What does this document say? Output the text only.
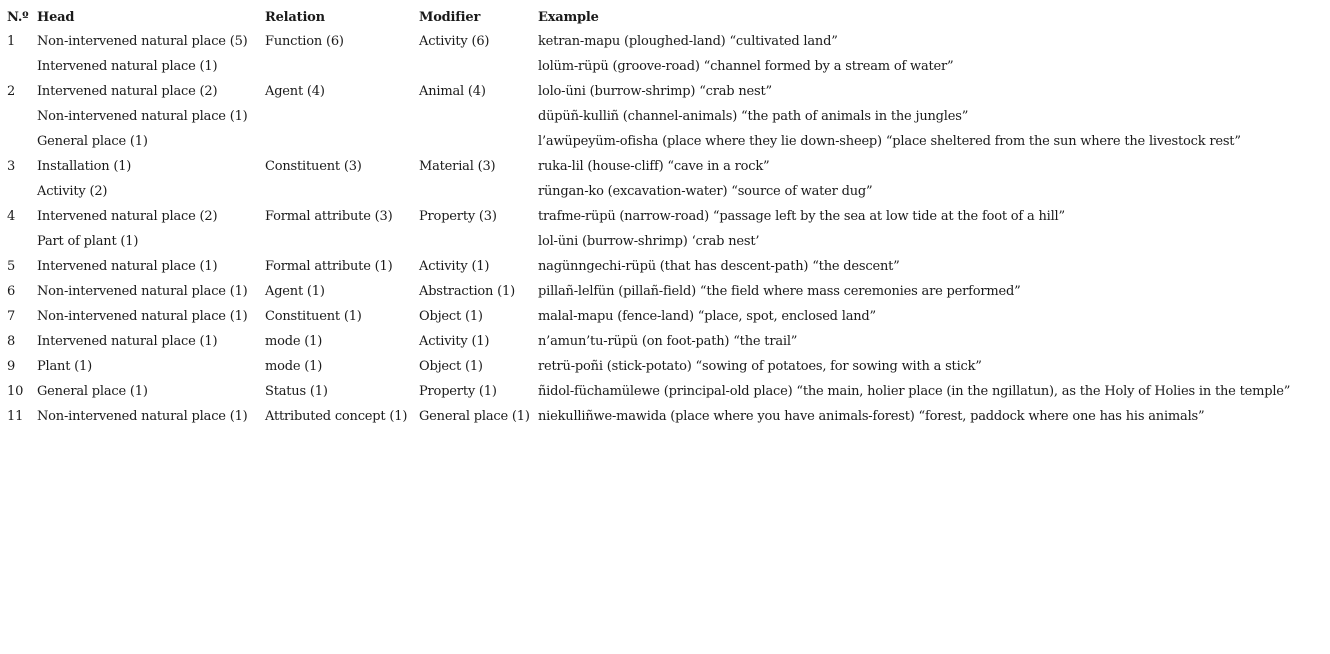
N.º	Head	Relation	Modifier	Example
1	Non-intervened natural place (5)	Function (6)	Activity (6)	ketran-mapu (ploughed-land) “cultivated land”
	Intervened natural place (1)			lolüm-rüpü (groove-road) “channel formed by a stream of water”
2	Intervened natural place (2)	Agent (4)	Animal (4)	lolo-üni (burrow-shrimp) “crab nest”
	Non-intervened natural place (1)			düpüñ-kulliñ (channel-animals) “the path of animals in the jungles”
	General place (1)			l’awüpeyüm-ofisha (place where they lie down-sheep) “place sheltered from the sun where the livestock rest”
3	Installation (1)	Constituent (3)	Material (3)	ruka-lil (house-cliff) “cave in a rock”
	Activity (2)			rüngan-ko (excavation-water) “source of water dug”
4	Intervened natural place (2)	Formal attribute (3)	Property (3)	trafme-rüpü (narrow-road) “passage left by the sea at low tide at the foot of a hill”
	Part of plant (1)			lol-üni (burrow-shrimp) ‘crab nest’
5	Intervened natural place (1)	Formal attribute (1)	Activity (1)	nagünngechi-rüpü (that has descent-path) “the descent”
6	Non-intervened natural place (1)	Agent (1)	Abstraction (1)	pillañ-lelfün (pillañ-field) “the field where mass ceremonies are performed”
7	Non-intervened natural place (1)	Constituent (1)	Object (1)	malal-mapu (fence-land) “place, spot, enclosed land”
8	Intervened natural place (1)	mode (1)	Activity (1)	n’amun’tu-rüpü (on foot-path) “the trail”
9	Plant (1)	mode (1)	Object (1)	retrü-poñi (stick-potato) “sowing of potatoes, for sowing with a stick”
10	General place (1)	Status (1)	Property (1)	ñidol-füchamülewe (principal-old place) “the main, holier place (in the ngillatun), as the Holy of Holies in the temple”
11	Non-intervened natural place (1)	Attributed concept (1)	General place (1)	niekulliñwe-mawida (place where you have animals-forest) “forest, paddock where one has his animals”
